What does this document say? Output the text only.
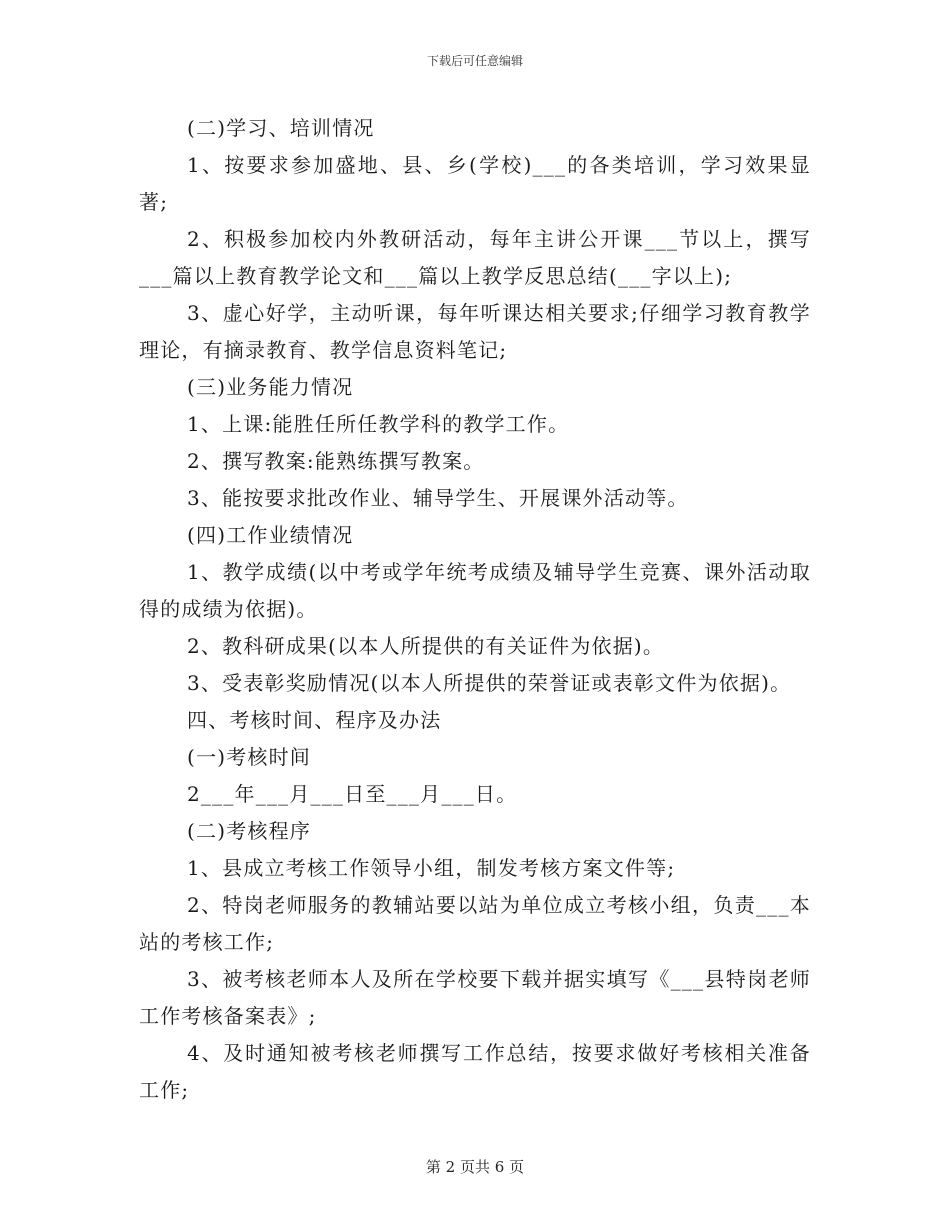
下载后可任意编辑

(二)学习、培训情况

1、按要求参加盛地、县、乡(学校)___的各类培训，学习效果显著;

2、积极参加校内外教研活动，每年主讲公开课___节以上，撰写___篇以上教育教学论文和___篇以上教学反思总结(___字以上);

3、虚心好学，主动听课，每年听课达相关要求;仔细学习教育教学理论，有摘录教育、教学信息资料笔记;

(三)业务能力情况

1、上课:能胜任所任教学科的教学工作。

2、撰写教案:能熟练撰写教案。

3、能按要求批改作业、辅导学生、开展课外活动等。

(四)工作业绩情况

1、教学成绩(以中考或学年统考成绩及辅导学生竞赛、课外活动取得的成绩为依据)。

2、教科研成果(以本人所提供的有关证件为依据)。

3、受表彰奖励情况(以本人所提供的荣誉证或表彰文件为依据)。

四、考核时间、程序及办法

(一)考核时间

2___年___月___日至___月___日。

(二)考核程序

1、县成立考核工作领导小组，制发考核方案文件等;

2、特岗老师服务的教辅站要以站为单位成立考核小组，负责___本站的考核工作;

3、被考核老师本人及所在学校要下载并据实填写《___县特岗老师工作考核备案表》;

4、及时通知被考核老师撰写工作总结，按要求做好考核相关准备工作;

第 2 页共 6 页
